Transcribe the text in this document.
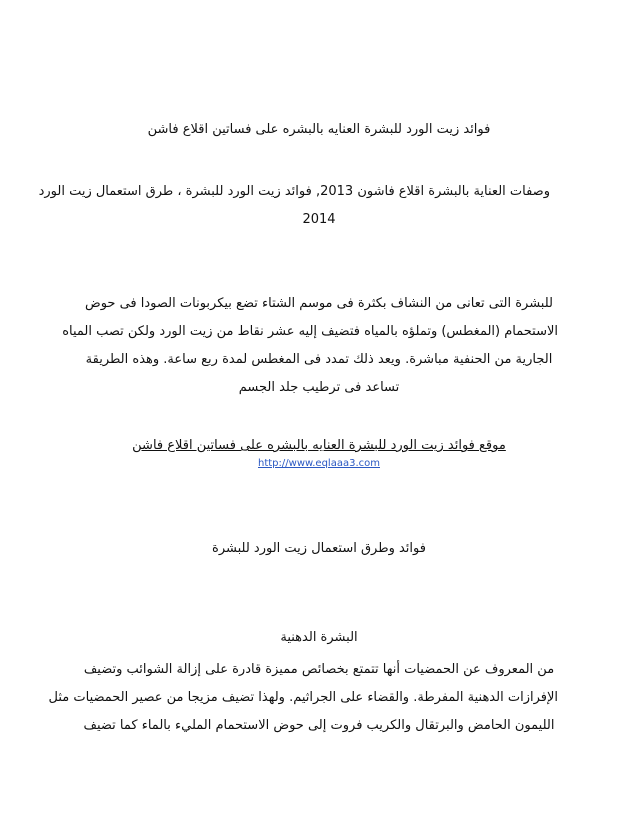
فوائد زيت الورد للبشرة العنايه بالبشره على فساتين اقلاع فاشن
وصفات العناية بالبشرة اقلاع فاشون 2013, فوائد زيت الورد للبشرة ، طرق استعمال زيت الورد
2014
للبشرة التى تعانى من النشاف بكثرة فى موسم الشتاء تضع بيكربونات الصودا فى حوض
الاستحمام (المغطس) وتملؤه بالمياه فتضيف إليه عشر نقاط من زيت الورد ولكن تصب المياه
الجارية من الحنفية مباشرة. ويعد ذلك تمدد فى المغطس لمدة ربع ساعة. وهذه الطريقة
تساعد فى ترطيب جلد الجسم
موقع فوائد زيت الورد للبشرة العنايه بالبشره على فساتين اقلاع فاشن
http://www.eqlaaa3.com
فوائد وطرق استعمال زيت الورد للبشرة
البشرة الدهنية
من المعروف عن الحمضيات أنها تتمتع بخصائص مميزة قادرة على إزالة الشوائب وتضيف
الإفرازات الدهنية المفرطة. والقضاء على الجراثيم. ولهذا تضيف مزيجا من عصير الحمضيات مثل
الليمون الحامض والبرتقال والكريب فروت إلى حوض الاستحمام المليء بالماء كما تضيف
